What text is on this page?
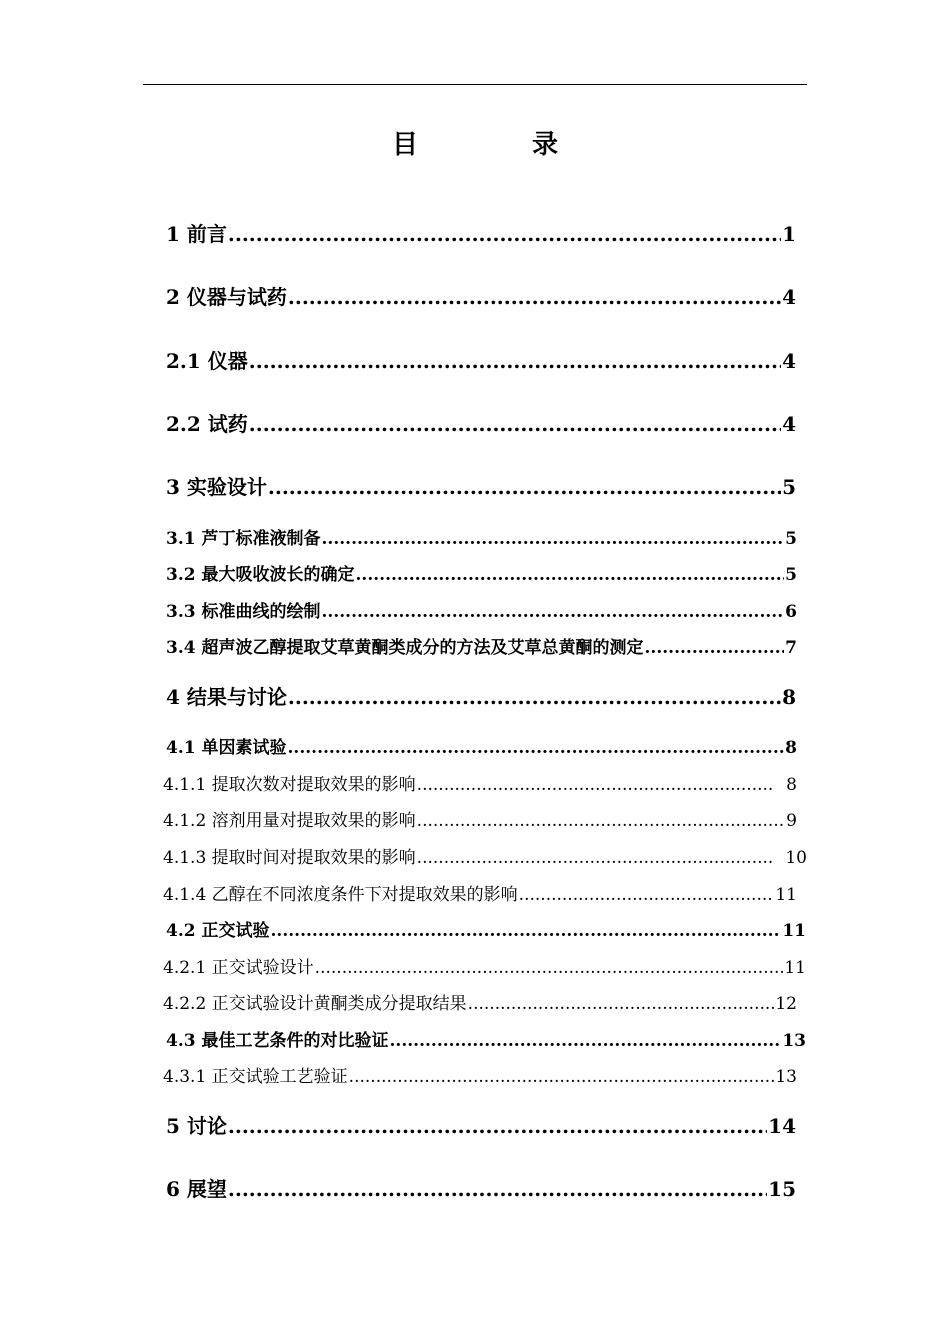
目　录
1 前言 .....	1
2 仪器与试药 .....	4
2.1 仪器 .....	4
2.2 试药 .....	4
3 实验设计 .....	5
3.1 芦丁标准液制备 .....	5
3.2 最大吸收波长的确定 .....	5
3.3 标准曲线的绘制 .....	6
3.4 超声波乙醇提取艾草黄酮类成分的方法及艾草总黄酮的测定 .....	7
4 结果与讨论 .....	8
4.1 单因素试验 .....	8
4.1.1 提取次数对提取效果的影响 .....	8
4.1.2 溶剂用量对提取效果的影响 .....	9
4.1.3 提取时间对提取效果的影响 .....	10
4.1.4 乙醇在不同浓度条件下对提取效果的影响 .....	11
4.2 正交试验 .....	11
4.2.1 正交试验设计 .....	11
4.2.2 正交试验设计黄酮类成分提取结果 .....	12
4.3 最佳工艺条件的对比验证 .....	13
4.3.1 正交试验工艺验证 .....	13
5 讨论 .....	14
6 展望 .....	15
